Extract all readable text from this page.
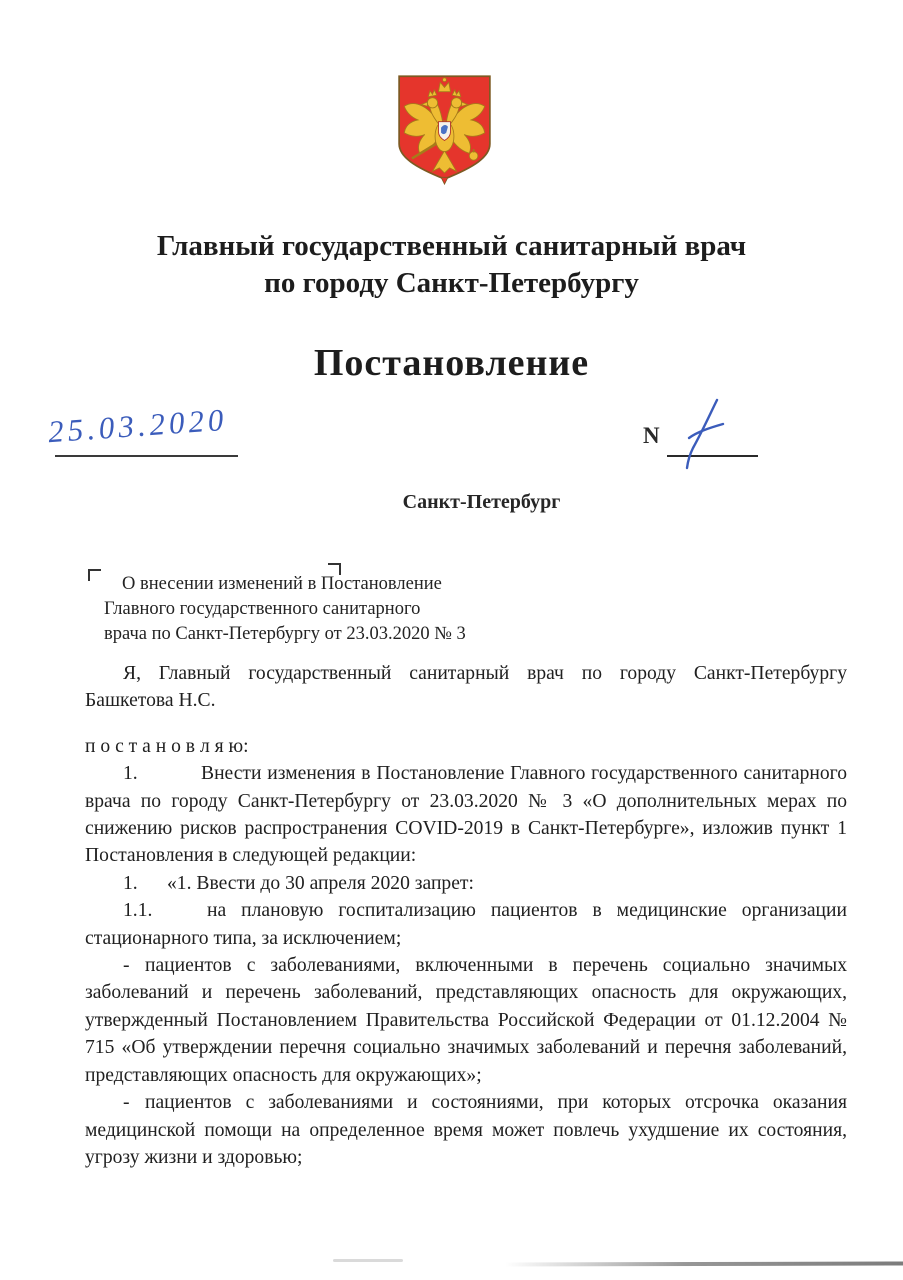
Главный государственный санитарный врач
по городу Санкт-Петербургу
Постановление
25.03.2020	N
Санкт-Петербург
О внесении изменений в Постановление
Главного государственного санитарного
врача по Санкт-Петербургу от 23.03.2020 № 3

Я, Главный государственный санитарный врач по городу Санкт-Петербургу Башкетова Н.С.

п о с т а н о в л я ю:

1.	Внести изменения в Постановление Главного государственного санитарного врача по городу Санкт-Петербургу от 23.03.2020 № 3 «О дополнительных мерах по снижению рисков распространения COVID-2019 в Санкт-Петербурге», изложив пункт 1 Постановления в следующей редакции:

1. «1. Ввести до 30 апреля 2020 запрет:

1.1.	на плановую госпитализацию пациентов в медицинские организации стационарного типа, за исключением;

- пациентов с заболеваниями, включенными в перечень социально значимых заболеваний и перечень заболеваний, представляющих опасность для окружающих, утвержденный Постановлением Правительства Российской Федерации от 01.12.2004 № 715 «Об утверждении перечня социально значимых заболеваний и перечня заболеваний, представляющих опасность для окружающих»;

- пациентов с заболеваниями и состояниями, при которых отсрочка оказания медицинской помощи на определенное время может повлечь ухудшение их состояния, угрозу жизни и здоровью;
